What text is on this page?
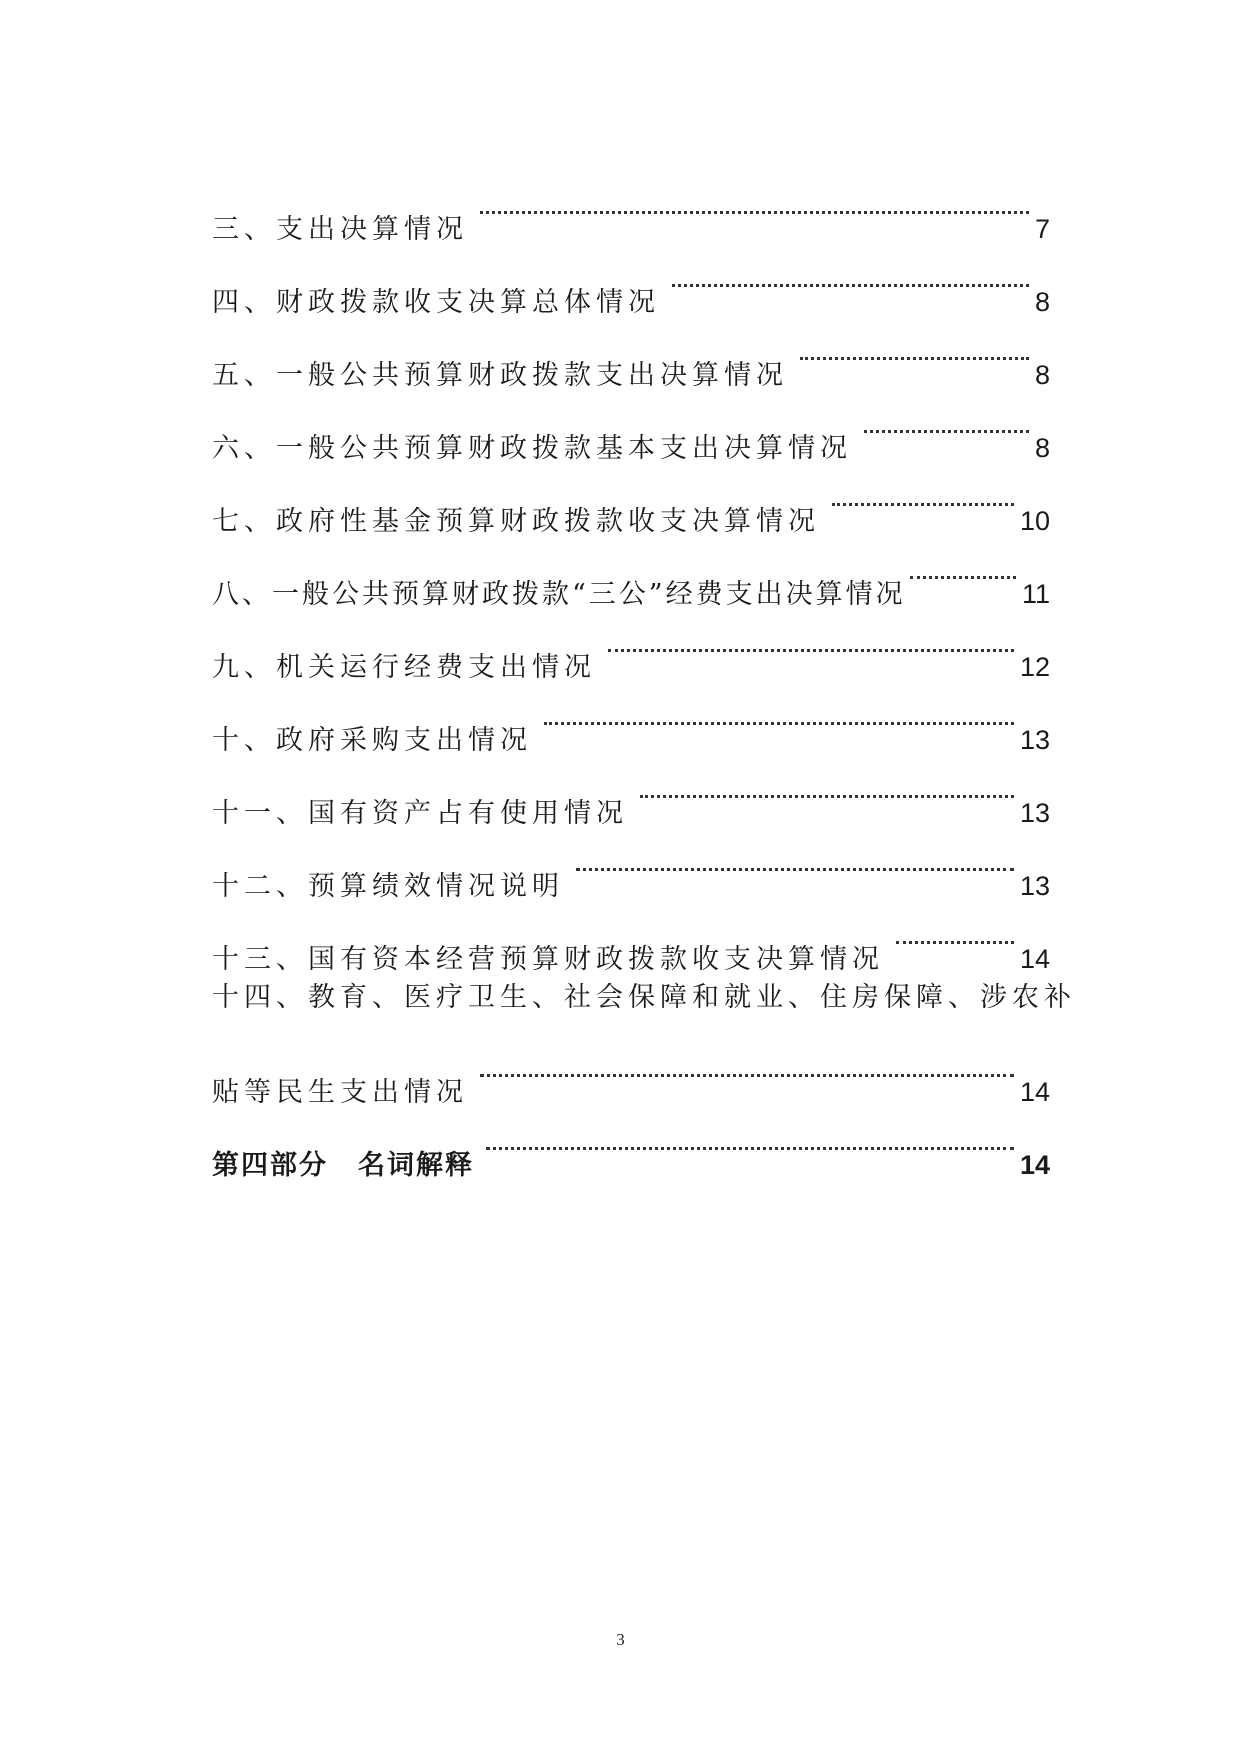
三、支出决算情况	7
四、财政拨款收支决算总体情况	8
五、一般公共预算财政拨款支出决算情况	8
六、一般公共预算财政拨款基本支出决算情况	8
七、政府性基金预算财政拨款收支决算情况	10
八、一般公共预算财政拨款“三公”经费支出决算情况	11
九、机关运行经费支出情况	12
十、政府采购支出情况	13
十一、国有资产占有使用情况	13
十二、预算绩效情况说明	13
十三、国有资本经营预算财政拨款收支决算情况	14
十四、教育、医疗卫生、社会保障和就业、住房保障、涉农补
贴等民生支出情况	14
第四部分 名词解释	14
3
